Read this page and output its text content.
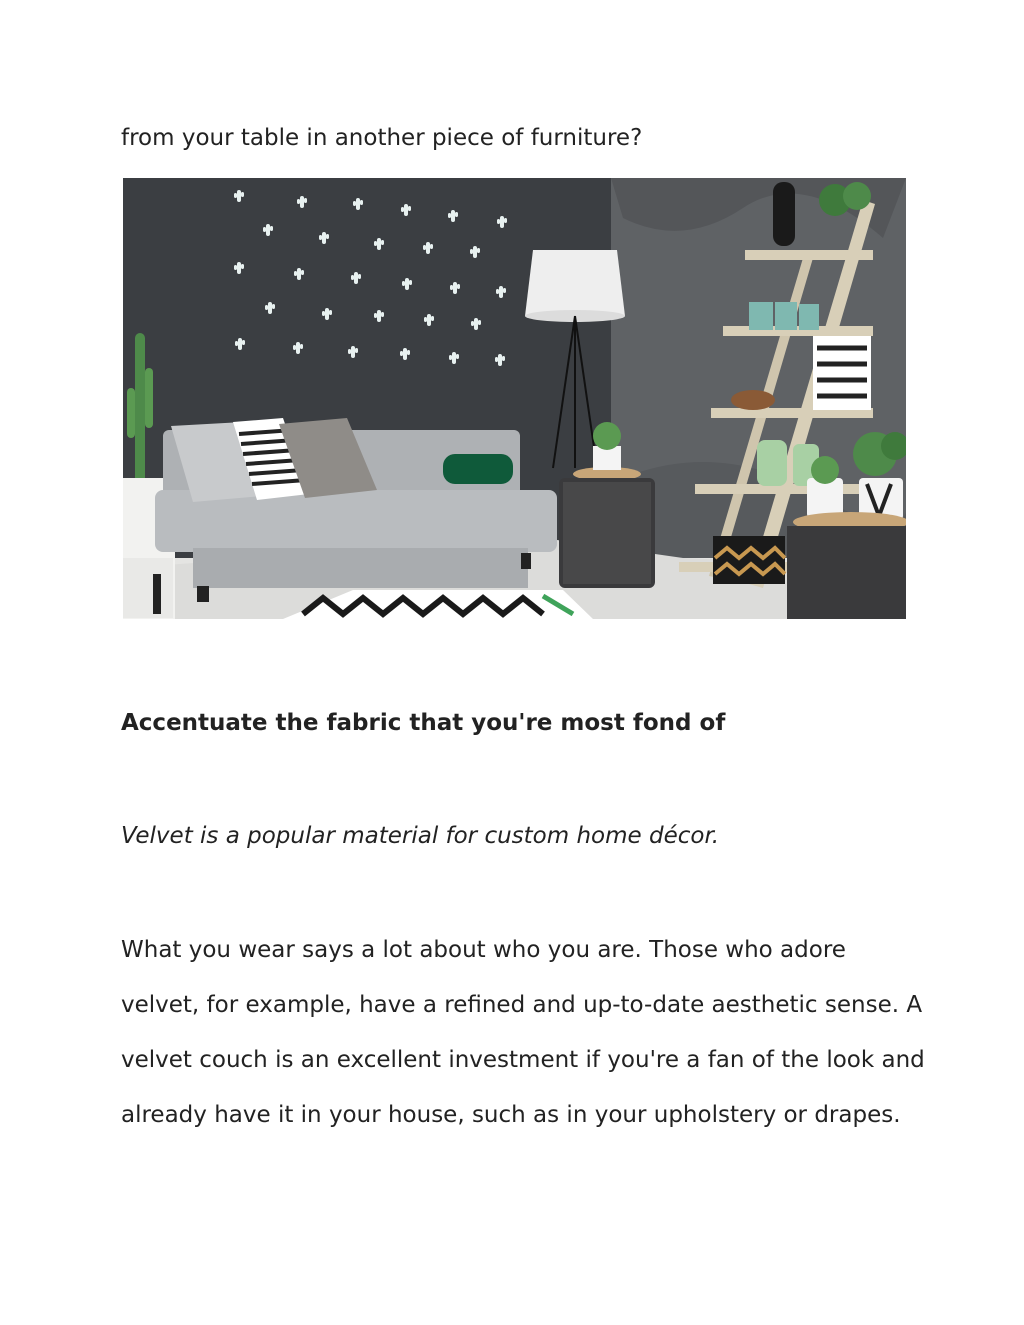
from your table in another piece of furniture?
Accentuate the fabric that you're most fond of
Velvet is a popular material for custom home décor.
What you wear says a lot about who you are. Those who adore
velvet, for example, have a refined and up-to-date aesthetic sense. A
velvet couch is an excellent investment if you're a fan of the look and
already have it in your house, such as in your upholstery or drapes.
